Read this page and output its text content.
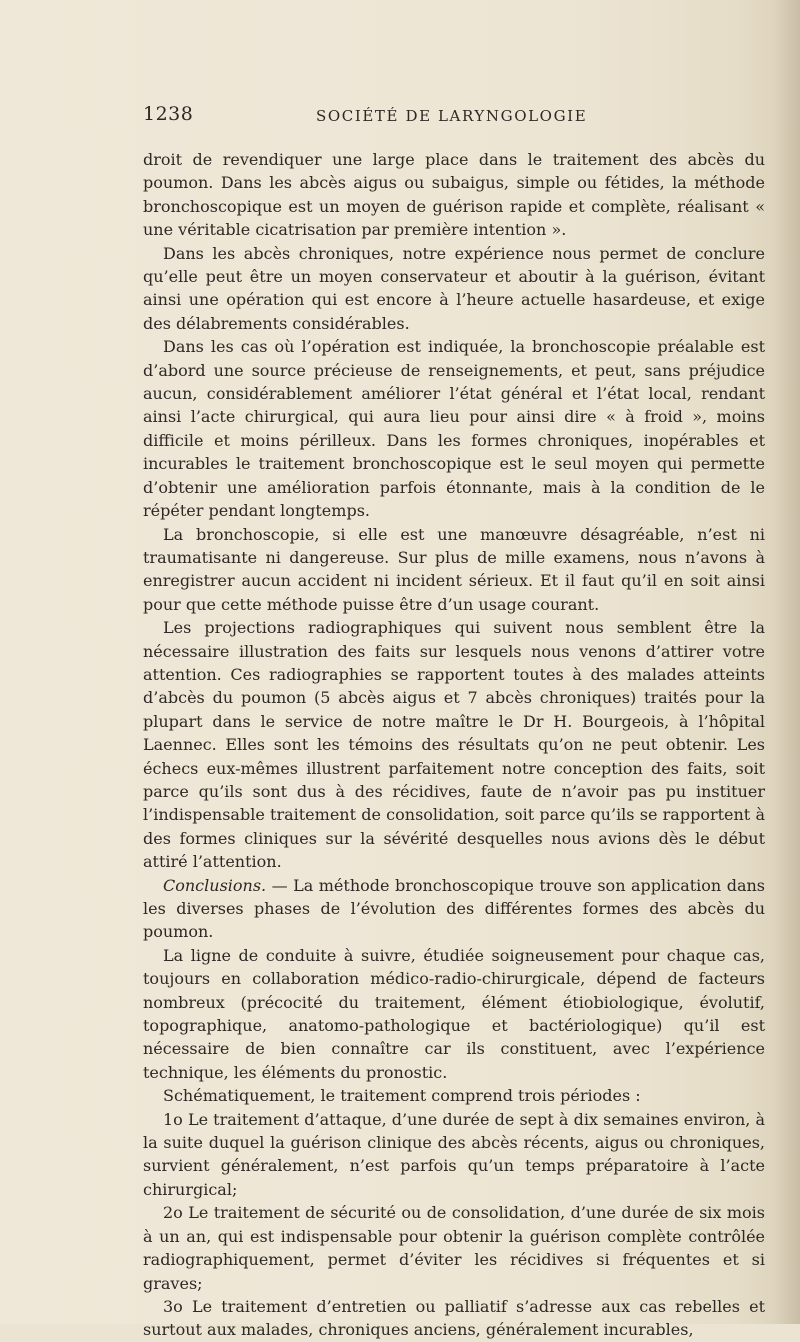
1238	SOCIÉTÉ DE LARYNGOLOGIE

droit de revendiquer une large place dans le traitement des abcès du poumon. Dans les abcès aigus ou subaigus, simple ou fétides, la méthode bronchoscopique est un moyen de guérison rapide et complète, réalisant « une véritable cicatrisation par première intention ».

Dans les abcès chroniques, notre expérience nous permet de conclure qu’elle peut être un moyen conservateur et aboutir à la guérison, évitant ainsi une opération qui est encore à l’heure actuelle hasardeuse, et exige des délabrements considérables.

Dans les cas où l’opération est indiquée, la bronchoscopie préalable est d’abord une source précieuse de renseignements, et peut, sans préjudice aucun, considérablement améliorer l’état général et l’état local, rendant ainsi l’acte chirurgical, qui aura lieu pour ainsi dire « à froid », moins difficile et moins périlleux. Dans les formes chroniques, inopérables et incurables le traitement bronchoscopique est le seul moyen qui permette d’obtenir une amélioration parfois étonnante, mais à la condition de le répéter pendant longtemps.

La bronchoscopie, si elle est une manœuvre désagréable, n’est ni traumatisante ni dangereuse. Sur plus de mille examens, nous n’avons à enregistrer aucun accident ni incident sérieux. Et il faut qu’il en soit ainsi pour que cette méthode puisse être d’un usage courant.

Les projections radiographiques qui suivent nous semblent être la nécessaire illustration des faits sur lesquels nous venons d’attirer votre attention. Ces radiographies se rapportent toutes à des malades atteints d’abcès du poumon (5 abcès aigus et 7 abcès chroniques) traités pour la plupart dans le service de notre maître le Dr H. Bourgeois, à l’hôpital Laennec. Elles sont les témoins des résultats qu’on ne peut obtenir. Les échecs eux-mêmes illustrent parfaitement notre conception des faits, soit parce qu’ils sont dus à des récidives, faute de n’avoir pas pu instituer l’indispensable traitement de consolidation, soit parce qu’ils se rapportent à des formes cliniques sur la sévérité desquelles nous avions dès le début attiré l’attention.

Conclusions. — La méthode bronchoscopique trouve son application dans les diverses phases de l’évolution des différentes formes des abcès du poumon.

La ligne de conduite à suivre, étudiée soigneusement pour chaque cas, toujours en collaboration médico-radio-chirurgicale, dépend de facteurs nombreux (précocité du traitement, élément étiobiologique, évolutif, topographique, anatomo-pathologique et bactériologique) qu’il est nécessaire de bien connaître car ils constituent, avec l’expérience technique, les éléments du pronostic.

Schématiquement, le traitement comprend trois périodes :

1o Le traitement d’attaque, d’une durée de sept à dix semaines environ, à la suite duquel la guérison clinique des abcès récents, aigus ou chroniques, survient généralement, n’est parfois qu’un temps préparatoire à l’acte chirurgical;

2o Le traitement de sécurité ou de consolidation, d’une durée de six mois à un an, qui est indispensable pour obtenir la guérison complète contrôlée radiographiquement, permet d’éviter les récidives si fréquentes et si graves;

3o Le traitement d’entretien ou palliatif s’adresse aux cas rebelles et surtout aux malades, chroniques anciens, généralement incurables,
